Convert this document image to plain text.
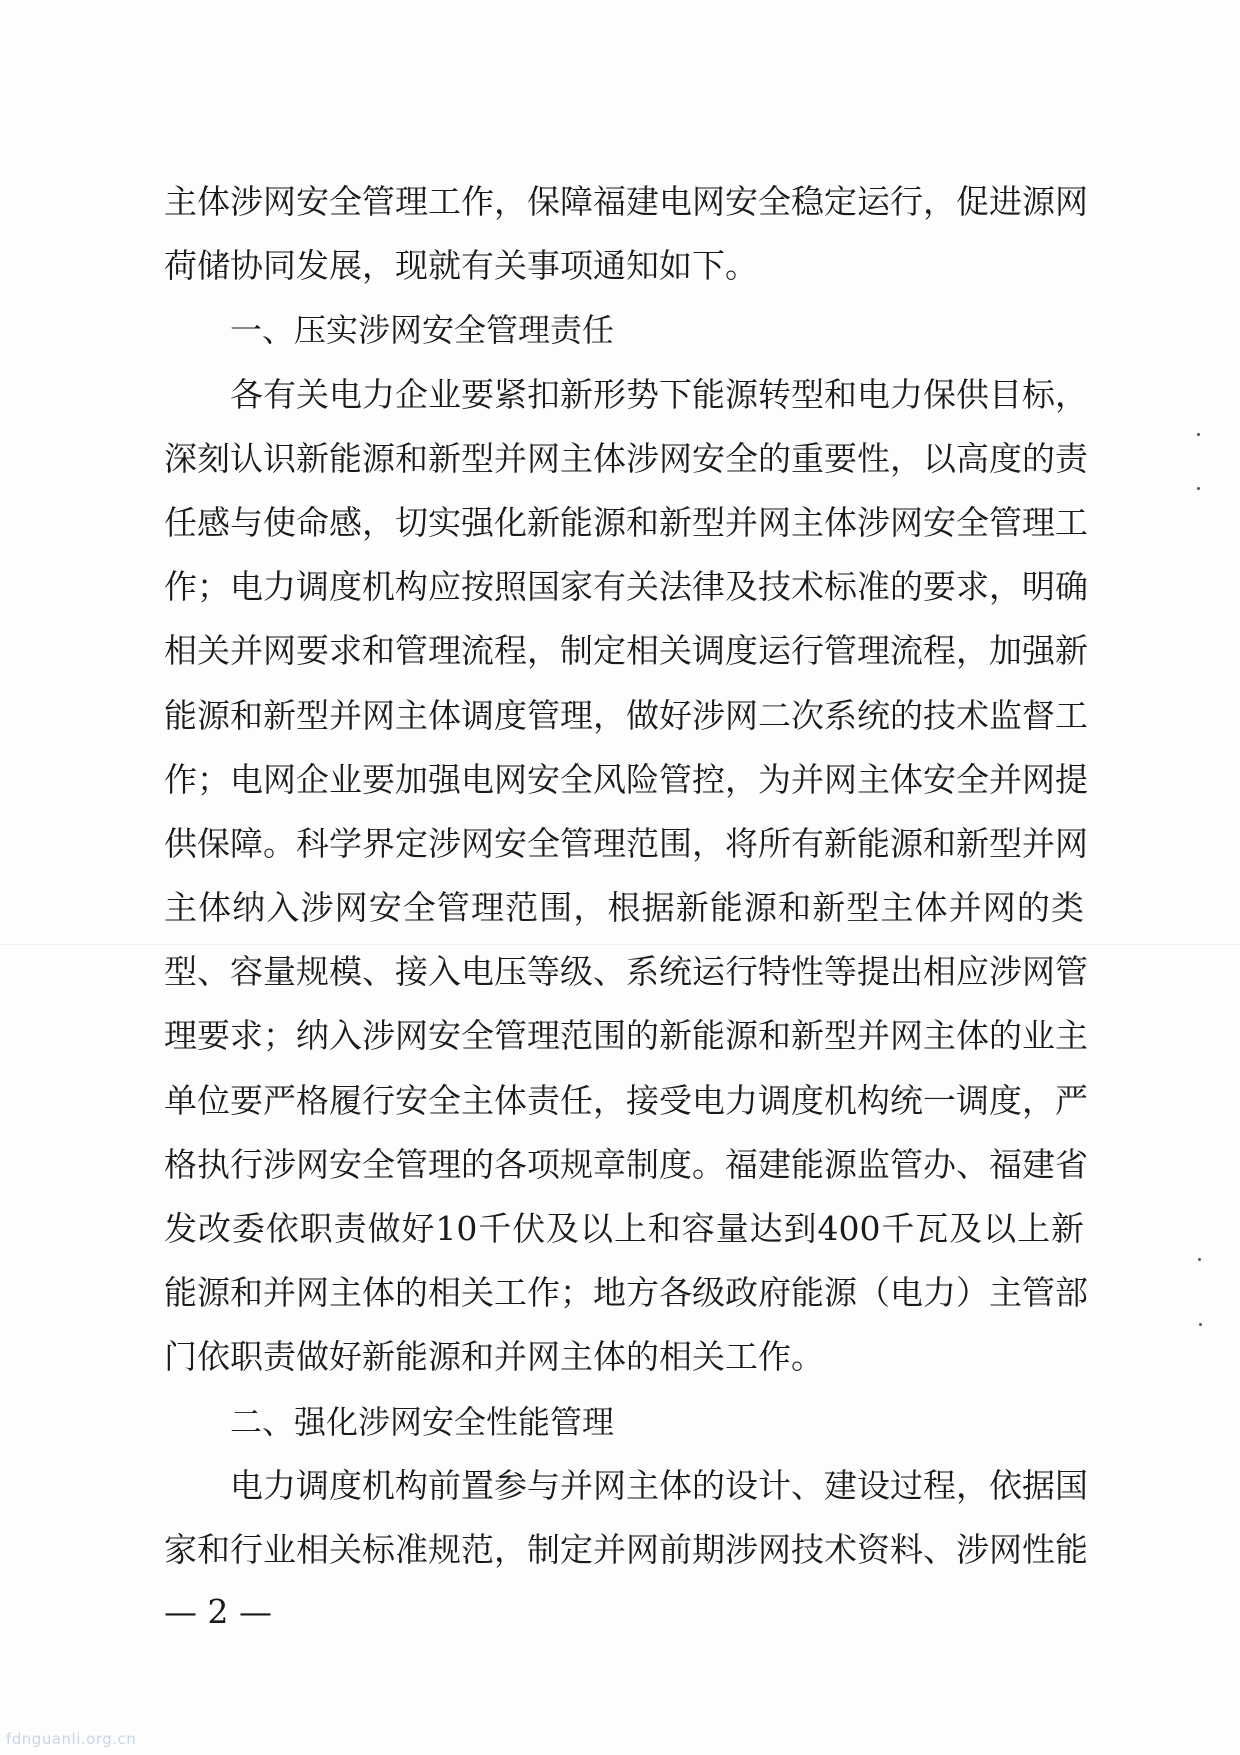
主体涉网安全管理工作，保障福建电网安全稳定运行，促进源网
荷储协同发展，现就有关事项通知如下。
一、压实涉网安全管理责任
各有关电力企业要紧扣新形势下能源转型和电力保供目标，
深刻认识新能源和新型并网主体涉网安全的重要性，以高度的责
任感与使命感，切实强化新能源和新型并网主体涉网安全管理工
作；电力调度机构应按照国家有关法律及技术标准的要求，明确
相关并网要求和管理流程，制定相关调度运行管理流程，加强新
能源和新型并网主体调度管理，做好涉网二次系统的技术监督工
作；电网企业要加强电网安全风险管控，为并网主体安全并网提
供保障。科学界定涉网安全管理范围，将所有新能源和新型并网
主体纳入涉网安全管理范围，根据新能源和新型主体并网的类
型、容量规模、接入电压等级、系统运行特性等提出相应涉网管
理要求；纳入涉网安全管理范围的新能源和新型并网主体的业主
单位要严格履行安全主体责任，接受电力调度机构统一调度，严
格执行涉网安全管理的各项规章制度。福建能源监管办、福建省
发改委依职责做好10千伏及以上和容量达到400千瓦及以上新
能源和并网主体的相关工作；地方各级政府能源（电力）主管部
门依职责做好新能源和并网主体的相关工作。
二、强化涉网安全性能管理
电力调度机构前置参与并网主体的设计、建设过程，依据国
家和行业相关标准规范，制定并网前期涉网技术资料、涉网性能
— 2 —
fdnguanli.org.cn
